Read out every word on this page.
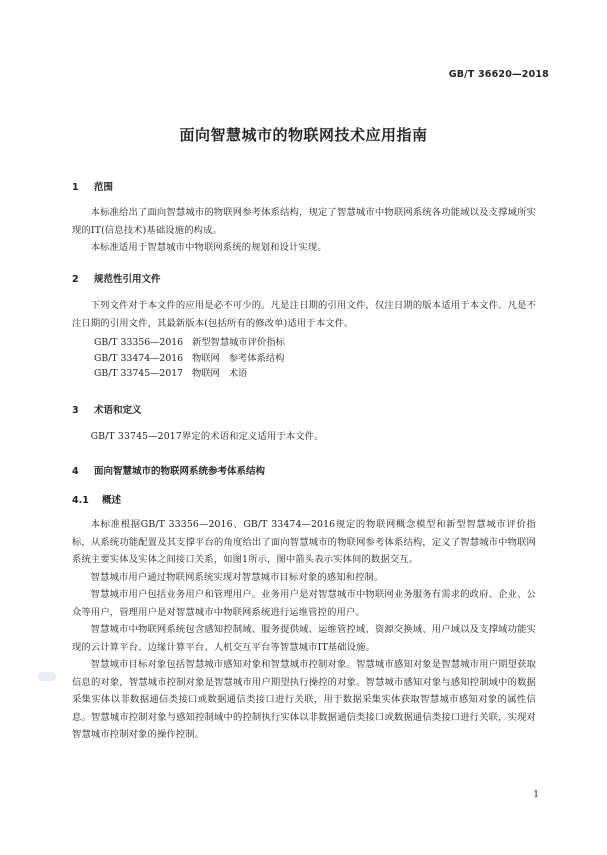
GB/T 36620—2018
面向智慧城市的物联网技术应用指南
1 范围

本标准给出了面向智慧城市的物联网参考体系结构，规定了智慧城市中物联网系统各功能域以及支撑域所实现的IT(信息技术)基础设施的构成。

本标准适用于智慧城市中物联网系统的规划和设计实现。

2 规范性引用文件

下列文件对于本文件的应用是必不可少的。凡是注日期的引用文件，仅注日期的版本适用于本文件。凡是不注日期的引用文件，其最新版本(包括所有的修改单)适用于本文件。

GB/T 33356—2016   新型智慧城市评价指标
GB/T 33474—2016   物联网   参考体系结构
GB/T 33745—2017   物联网   术语
3 术语和定义

GB/T 33745—2017界定的术语和定义适用于本文件。

4 面向智慧城市的物联网系统参考体系结构
4.1 概述

本标准根据GB/T 33356—2016、GB/T 33474—2016规定的物联网概念模型和新型智慧城市评价指标，从系统功能配置及其支撑平台的角度给出了面向智慧城市的物联网参考体系结构，定义了智慧城市中物联网系统主要实体及实体之间接口关系，如图1所示，图中箭头表示实体间的数据交互。

智慧城市用户通过物联网系统实现对智慧城市目标对象的感知和控制。

智慧城市用户包括业务用户和管理用户。业务用户是对智慧城市中物联网业务服务有需求的政府、企业、公众等用户，管理用户是对智慧城市中物联网系统进行运维管控的用户。

智慧城市中物联网系统包含感知控制域、服务提供域、运维管控域、资源交换域、用户域以及支撑域功能实现的云计算平台、边缘计算平台、人机交互平台等智慧城市IT基础设施。

智慧城市目标对象包括智慧城市感知对象和智慧城市控制对象。智慧城市感知对象是智慧城市用户期望获取信息的对象，智慧城市控制对象是智慧城市用户期望执行操控的对象。智慧城市感知对象与感知控制域中的数据采集实体以非数据通信类接口或数据通信类接口进行关联，用于数据采集实体获取智慧城市感知对象的属性信息。智慧城市控制对象与感知控制域中的控制执行实体以非数据通信类接口或数据通信类接口进行关联，实现对智慧城市控制对象的操作控制。

1
